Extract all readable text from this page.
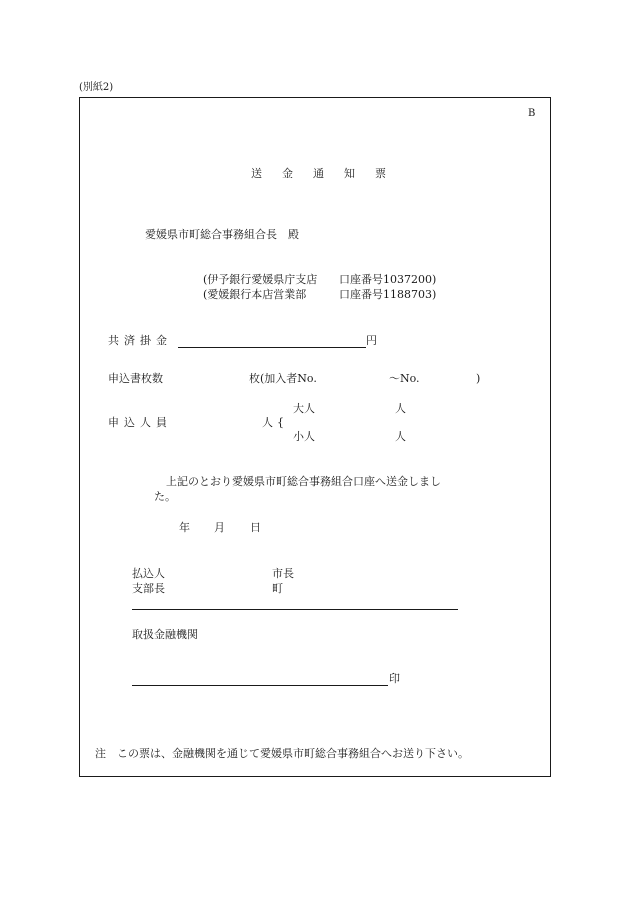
(別紙2)
B
送金通知票
愛媛県市町総合事務組合長　殿
(伊予銀行愛媛県庁支店 口座番号1037200)
(愛媛銀行本店営業部	口座番号1188703)
共済掛金	円
申込書枚数	枚(加入者No.	～No.	)
大人	人
申込人員	人 {
小人	人
上記のとおり愛媛県市町総合事務組合口座へ送金しまし
た。
年 月 日
払込人	市長
支部長	町
取扱金融機関
印
注　この票は、金融機関を通じて愛媛県市町総合事務組合へお送り下さい。
